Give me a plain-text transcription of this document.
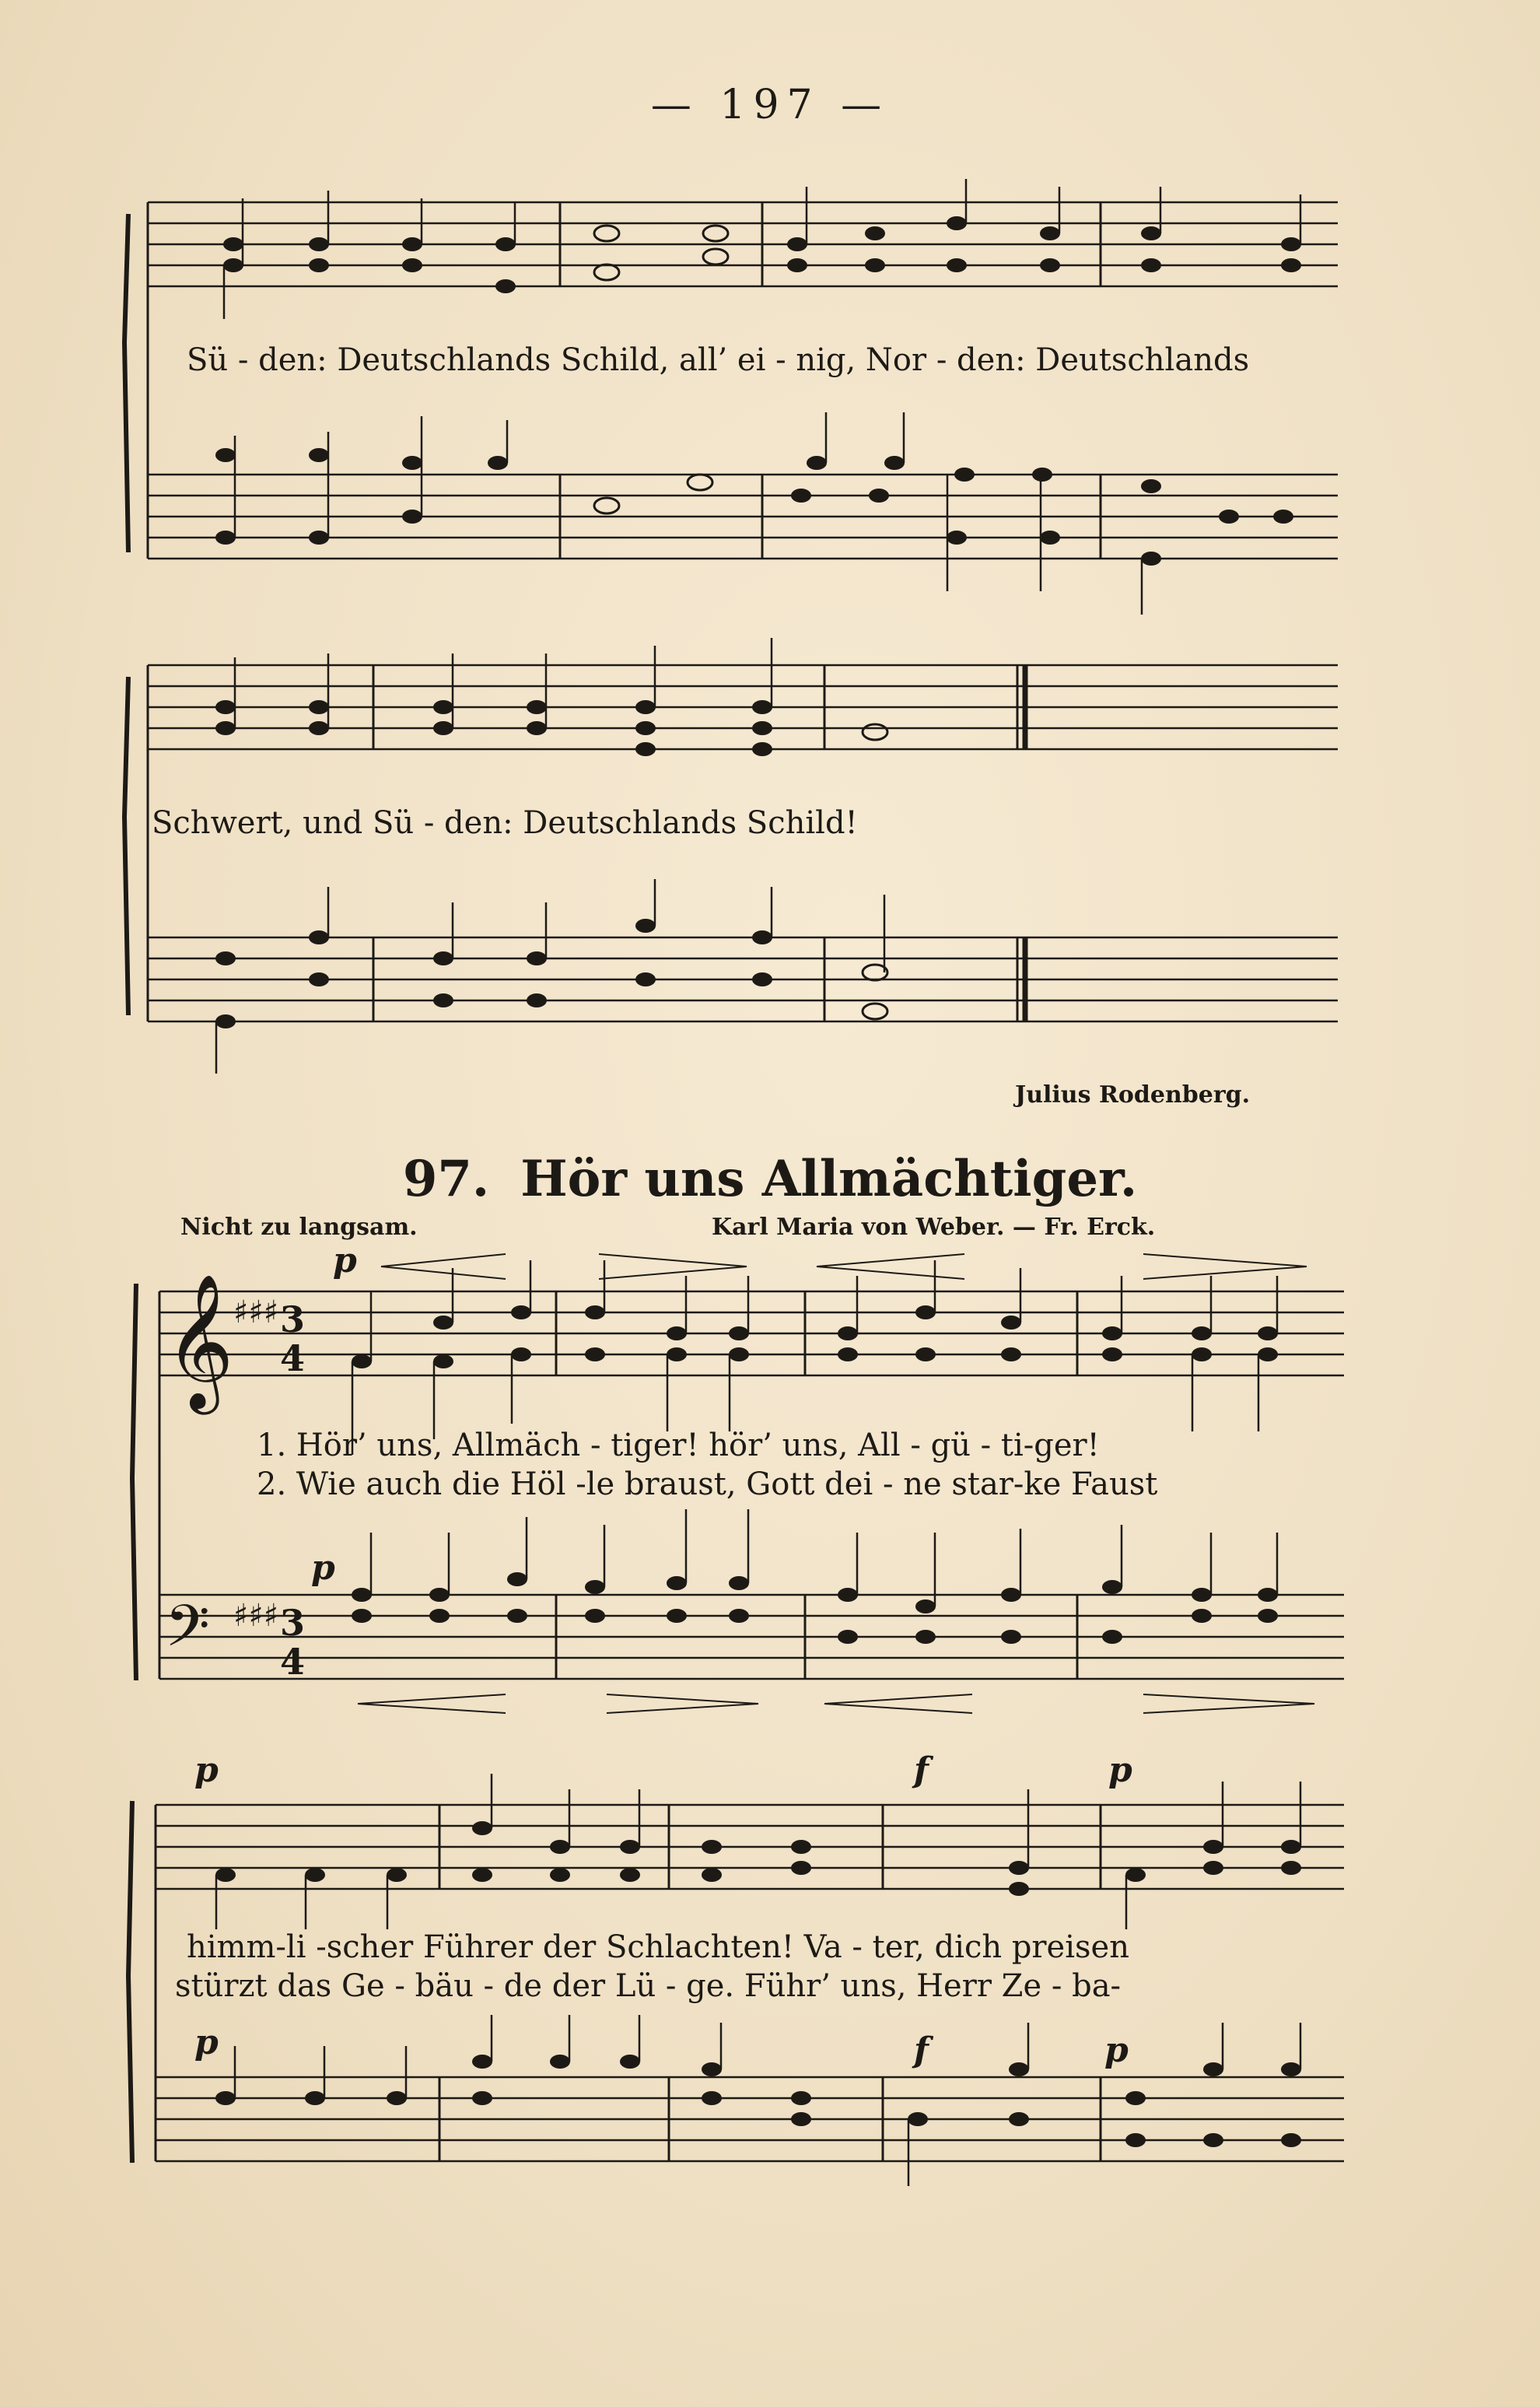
— 197 —
𝄞
𝄢
♯♯♯
♯♯♯
3
4
3
4
Sü - den: Deutschlands Schild, all’ ei - nig, Nor - den: Deutschlands
Schwert, und Sü - den: Deutschlands Schild!
Julius Rodenberg.
97. Hör uns Allmächtiger.
Nicht zu langsam.	Karl Maria von Weber. — Fr. Erck.
p
p
p	f	p
p	f	p
1. Hör’ uns, Allmäch - tiger! hör’ uns, All - gü - ti-ger!
2. Wie auch die Höl -le braust, Gott dei - ne star-ke Faust
himm-li -scher Führer der Schlachten! Va - ter, dich preisen
stürzt das Ge - bäu - de der Lü - ge. Führ’ uns, Herr Ze - ba-
